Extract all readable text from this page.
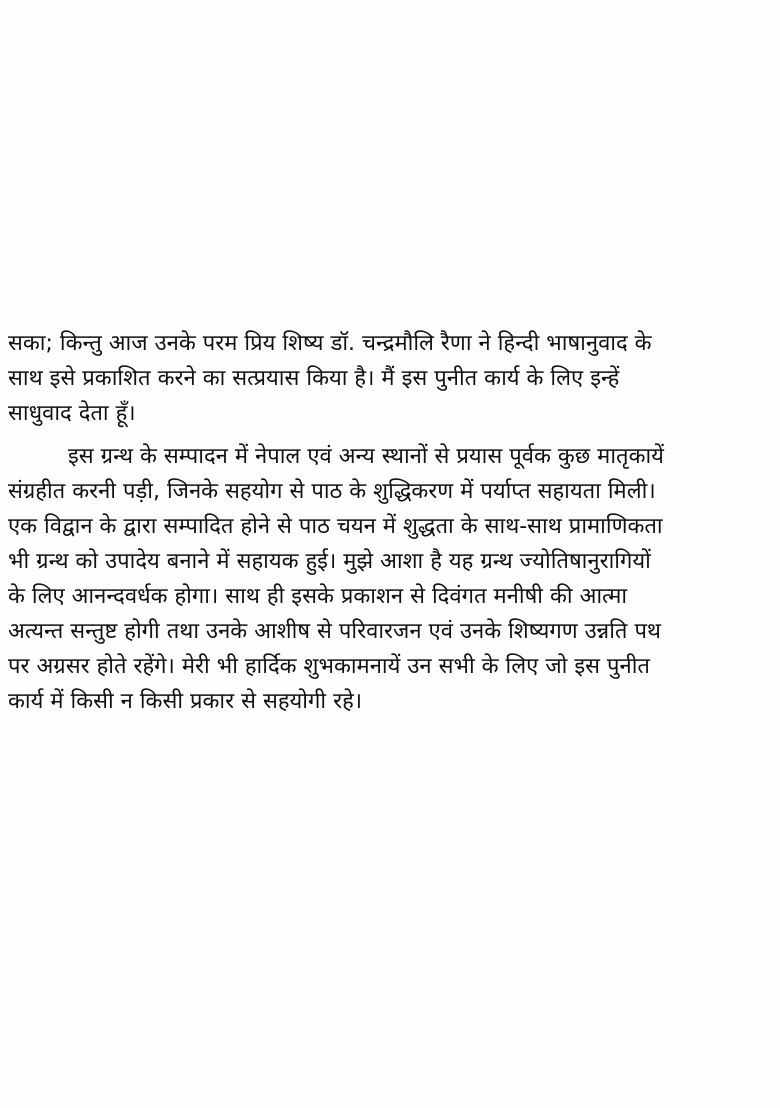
सका; किन्तु आज उनके परम प्रिय शिष्य डॉ. चन्द्रमौलि रैणा ने हिन्दी भाषानुवाद के
साथ इसे प्रकाशित करने का सत्प्रयास किया है। मैं इस पुनीत कार्य के लिए इन्हें
साधुवाद देता हूँ।
इस ग्रन्थ के सम्पादन में नेपाल एवं अन्य स्थानों से प्रयास पूर्वक कुछ मातृकायें
संग्रहीत करनी पड़ी, जिनके सहयोग से पाठ के शुद्धिकरण में पर्याप्त सहायता मिली।
एक विद्वान के द्वारा सम्पादित होने से पाठ चयन में शुद्धता के साथ-साथ प्रामाणिकता
भी ग्रन्थ को उपादेय बनाने में सहायक हुई। मुझे आशा है यह ग्रन्थ ज्योतिषानुरागियों
के लिए आनन्दवर्धक होगा। साथ ही इसके प्रकाशन से दिवंगत मनीषी की आत्मा
अत्यन्त सन्तुष्ट होगी तथा उनके आशीष से परिवारजन एवं उनके शिष्यगण उन्नति पथ
पर अग्रसर होते रहेंगे। मेरी भी हार्दिक शुभकामनायें उन सभी के लिए जो इस पुनीत
कार्य में किसी न किसी प्रकार से सहयोगी रहे।
